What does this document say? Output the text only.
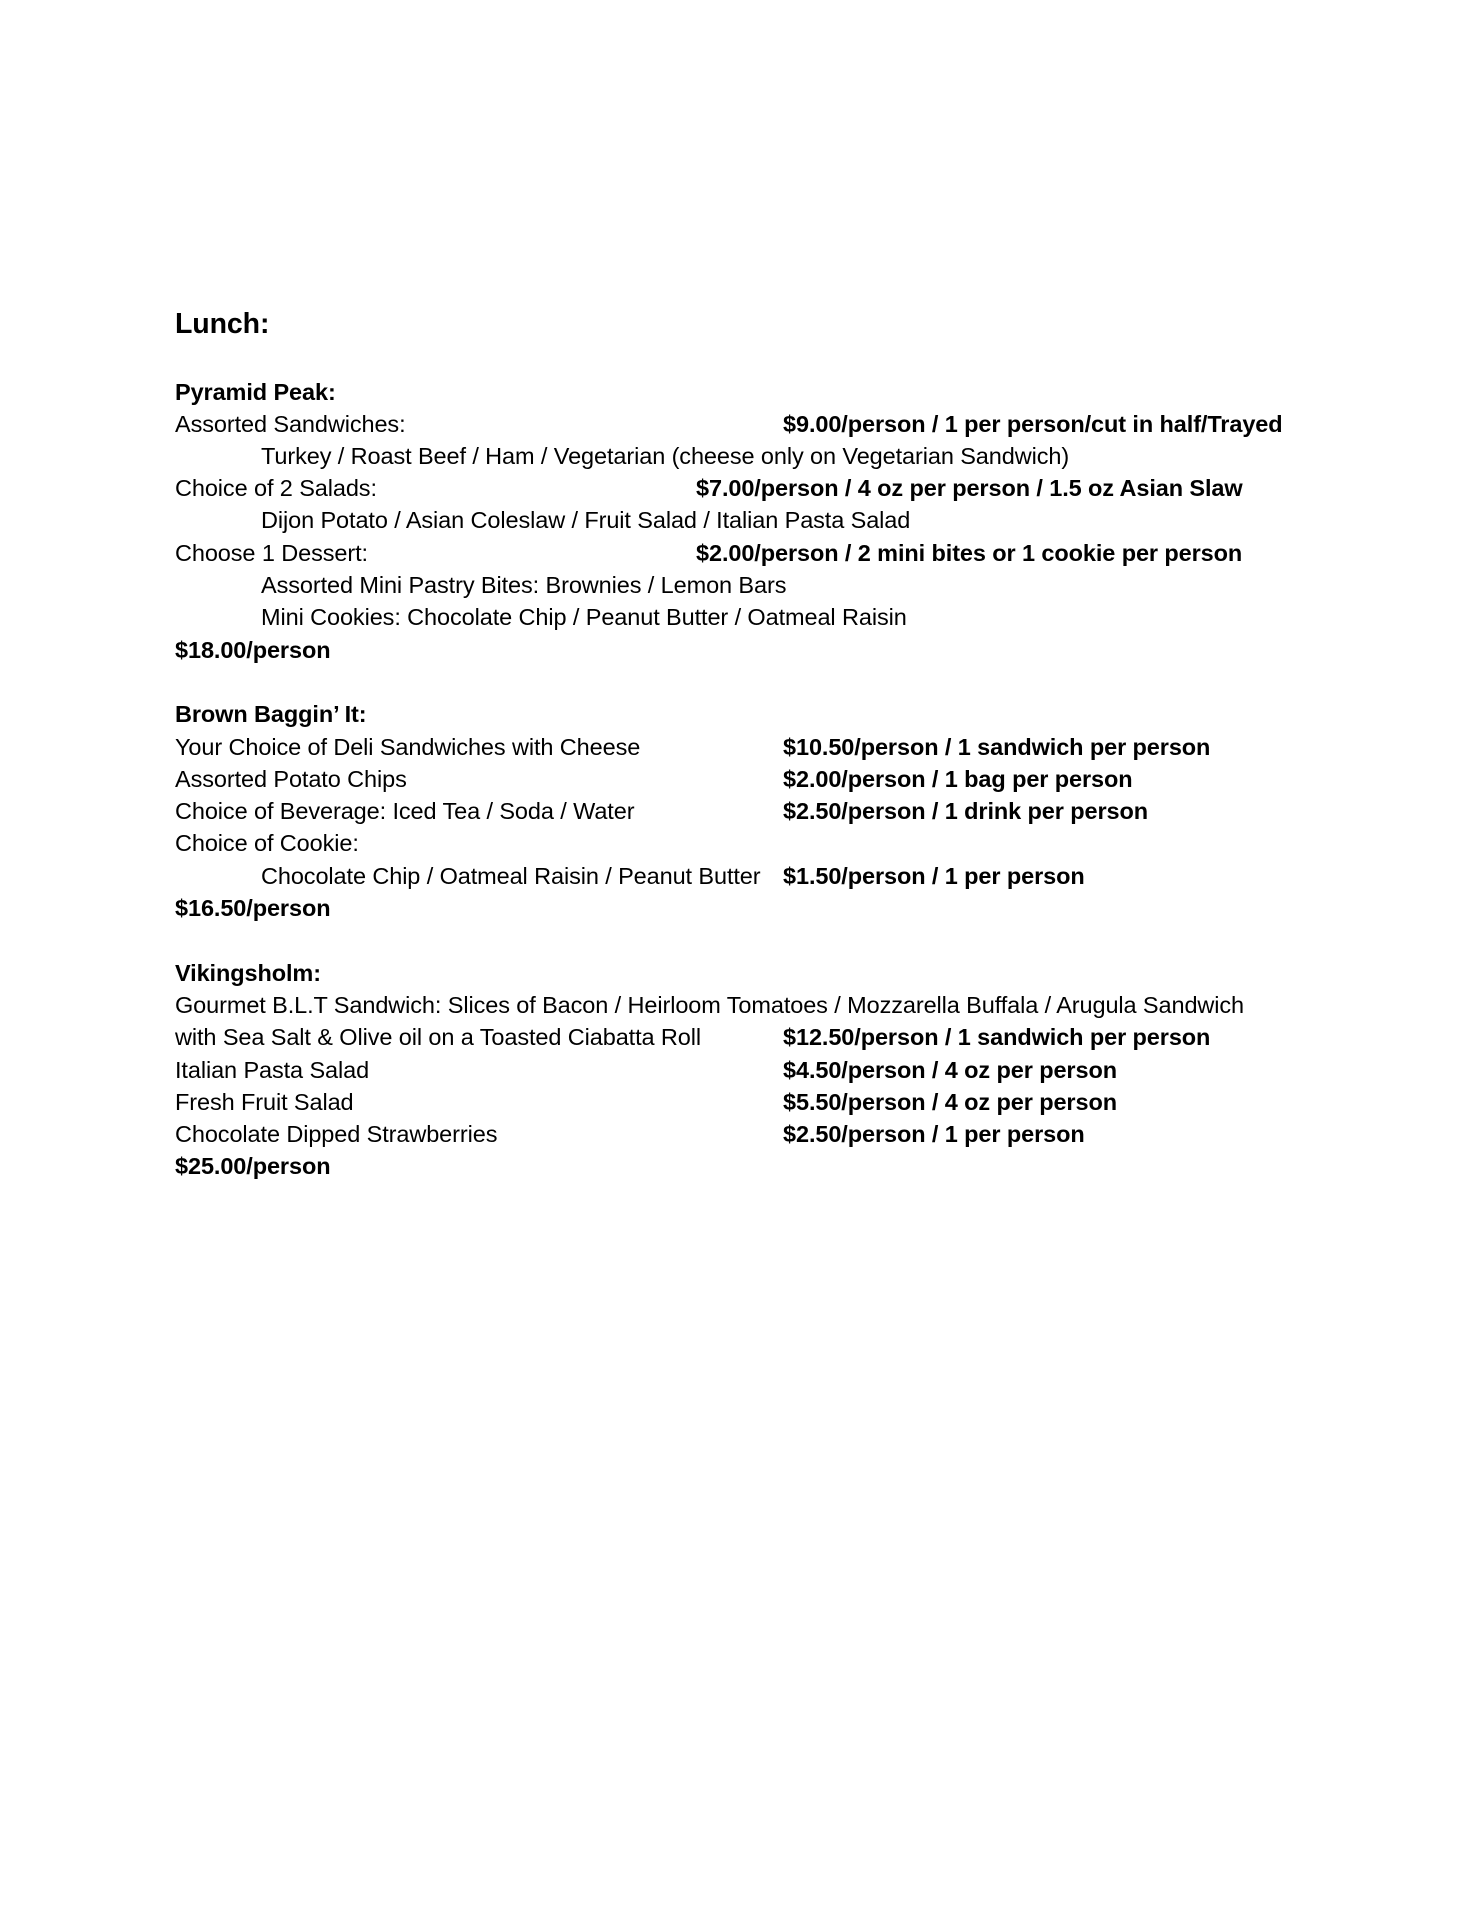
Lunch:
Pyramid Peak:
Assorted Sandwiches:	$9.00/person / 1 per person/cut in half/Trayed
Turkey / Roast Beef / Ham / Vegetarian (cheese only on Vegetarian Sandwich)
Choice of 2 Salads:	$7.00/person / 4 oz per person / 1.5 oz Asian Slaw
Dijon Potato / Asian Coleslaw / Fruit Salad / Italian Pasta Salad
Choose 1 Dessert:	$2.00/person / 2 mini bites or 1 cookie per person
Assorted Mini Pastry Bites: Brownies / Lemon Bars
Mini Cookies: Chocolate Chip / Peanut Butter / Oatmeal Raisin
$18.00/person
Brown Baggin’ It:
Your Choice of Deli Sandwiches with Cheese	$10.50/person / 1 sandwich per person
Assorted Potato Chips	$2.00/person / 1 bag per person
Choice of Beverage: Iced Tea / Soda / Water	$2.50/person / 1 drink per person
Choice of Cookie:
Chocolate Chip / Oatmeal Raisin / Peanut Butter $1.50/person / 1 per person
$16.50/person
Vikingsholm:
Gourmet B.L.T Sandwich: Slices of Bacon / Heirloom Tomatoes / Mozzarella Buffala / Arugula Sandwich
with Sea Salt & Olive oil on a Toasted Ciabatta Roll	$12.50/person / 1 sandwich per person
Italian Pasta Salad	$4.50/person / 4 oz per person
Fresh Fruit Salad	$5.50/person / 4 oz per person
Chocolate Dipped Strawberries	$2.50/person / 1 per person
$25.00/person
